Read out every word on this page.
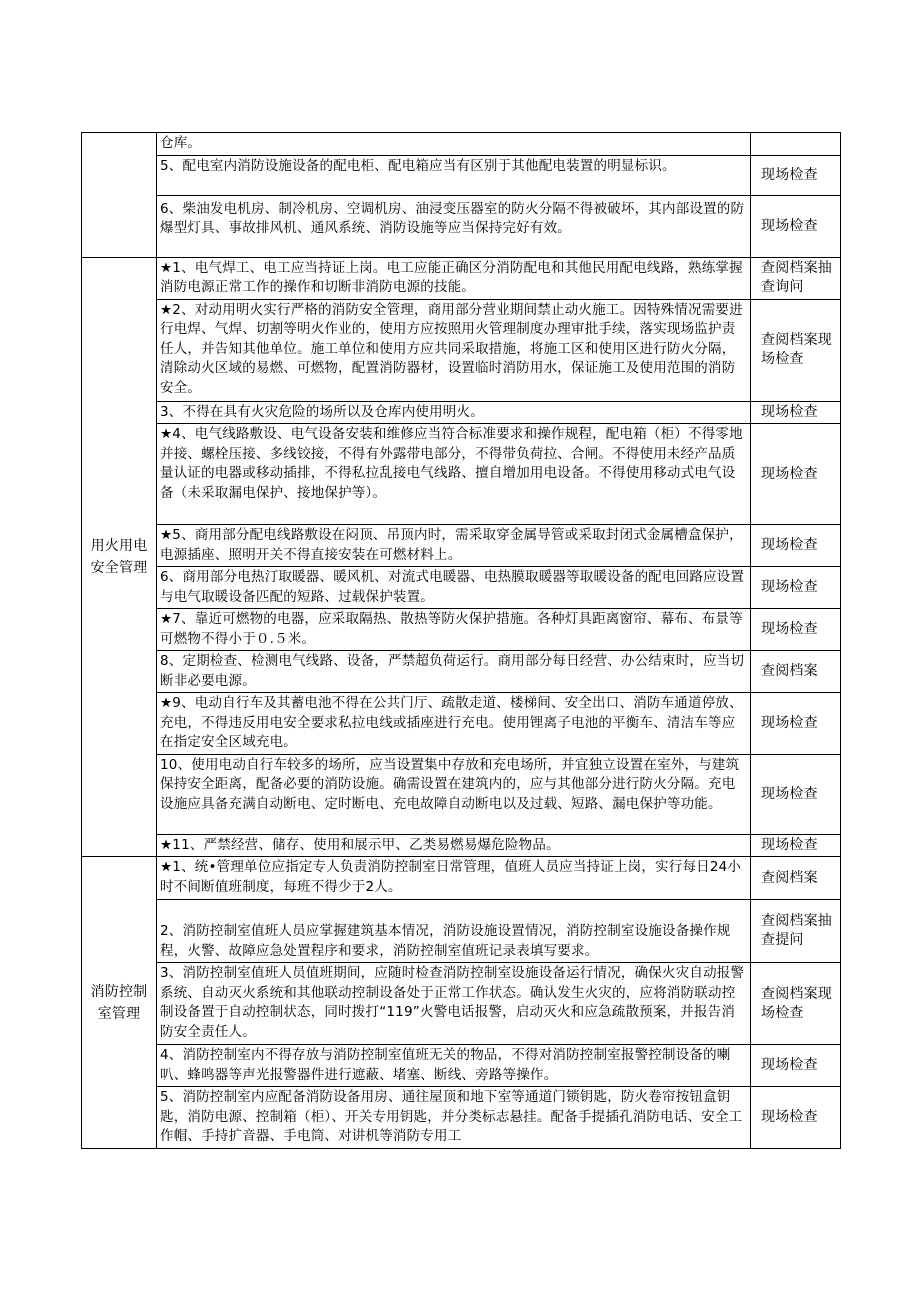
	仓库。	
	5、配电室内消防设施设备的配电柜、配电箱应当有区别于其他配电装置的明显标识。	现场检查
	6、柴油发电机房、制冷机房、空调机房、油浸变压器室的防火分隔不得被破坏，其内部设置的防爆型灯具、事故排风机、通风系统、消防设施等应当保持完好有效。	现场检查
用火用电安全管理	★1、电气焊工、电工应当持证上岗。电工应能正确区分消防配电和其他民用配电线路，熟练掌握消防电源正常工作的操作和切断非消防电源的技能。	查阅档案抽查询问
	★2、对动用明火实行严格的消防安全管理，商用部分营业期间禁止动火施工。因特殊情况需要进行电焊、气焊、切割等明火作业的，使用方应按照用火管理制度办理审批手续，落实现场监护责任人，并告知其他单位。施工单位和使用方应共同采取措施，将施工区和使用区进行防火分隔，清除动火区域的易燃、可燃物，配置消防器材，设置临时消防用水，保证施工及使用范围的消防安全。	查阅档案现场检查
	3、不得在具有火灾危险的场所以及仓库内使用明火。	现场检查
	★4、电气线路敷设、电气设备安装和维修应当符合标准要求和操作规程，配电箱（柜）不得零地并接、螺栓压接、多线铰接，不得有外露带电部分，不得带负荷拉、合闸。不得使用未经产品质量认证的电器或移动插排，不得私拉乱接电气线路、擅自增加用电设备。不得使用移动式电气设备（未采取漏电保护、接地保护等）。	现场检查
	★5、商用部分配电线路敷设在闷顶、吊顶内时，需采取穿金属导管或采取封闭式金属槽盒保护，电源插座、照明开关不得直接安装在可燃材料上。	现场检查
	6、商用部分电热汀取暖器、暖风机、对流式电暖器、电热膜取暖器等取暖设备的配电回路应设置与电气取暖设备匹配的短路、过载保护装置。	现场检查
	★7、靠近可燃物的电器，应采取隔热、散热等防火保护措施。各种灯具距离窗帘、幕布、布景等可燃物不得小于０.５米。	现场检查
	8、定期检查、检测电气线路、设备，严禁超负荷运行。商用部分每日经营、办公结束时，应当切断非必要电源。	查阅档案
	★9、电动自行车及其蓄电池不得在公共门厅、疏散走道、楼梯间、安全出口、消防车通道停放、充电，不得违反用电安全要求私拉电线或插座进行充电。使用锂离子电池的平衡车、清洁车等应在指定安全区域充电。	现场检查
	10、使用电动自行车较多的场所，应当设置集中存放和充电场所，并宜独立设置在室外，与建筑保持安全距离，配备必要的消防设施。确需设置在建筑内的，应与其他部分进行防火分隔。充电设施应具备充满自动断电、定时断电、充电故障自动断电以及过载、短路、漏电保护等功能。	现场检查
	★11、严禁经营、储存、使用和展示甲、乙类易燃易爆危险物品。	现场检查
消防控制室管理	★1、统•管理单位应指定专人负责消防控制室日常管理，值班人员应当持证上岗，实行每日24小时不间断值班制度，每班不得少于2人。	查阅档案
	2、消防控制室值班人员应掌握建筑基本情况，消防设施设置情况，消防控制室设施设备操作规程，火警、故障应急处置程序和要求，消防控制室值班记录表填写要求。	查阅档案抽查提问
	3、消防控制室值班人员值班期间，应随时检查消防控制室设施设备运行情况，确保火灾自动报警系统、自动灭火系统和其他联动控制设备处于正常工作状态。确认发生火灾的，应将消防联动控制设备置于自动控制状态，同时拨打“119”火警电话报警，启动灭火和应急疏散预案，并报告消防安全责任人。	查阅档案现场检查
	4、消防控制室内不得存放与消防控制室值班无关的物品，不得对消防控制室报警控制设备的喇叭、蜂鸣器等声光报警器件进行遮蔽、堵塞、断线、旁路等操作。	现场检查
	5、消防控制室内应配备消防设备用房、通往屋顶和地下室等通道门锁钥匙，防火卷帘按钮盒钥匙，消防电源、控制箱（柜）、开关专用钥匙，并分类标志悬挂。配备手提插孔消防电话、安全工作帽、手持扩音器、手电筒、对讲机等消防专用工	现场检查
